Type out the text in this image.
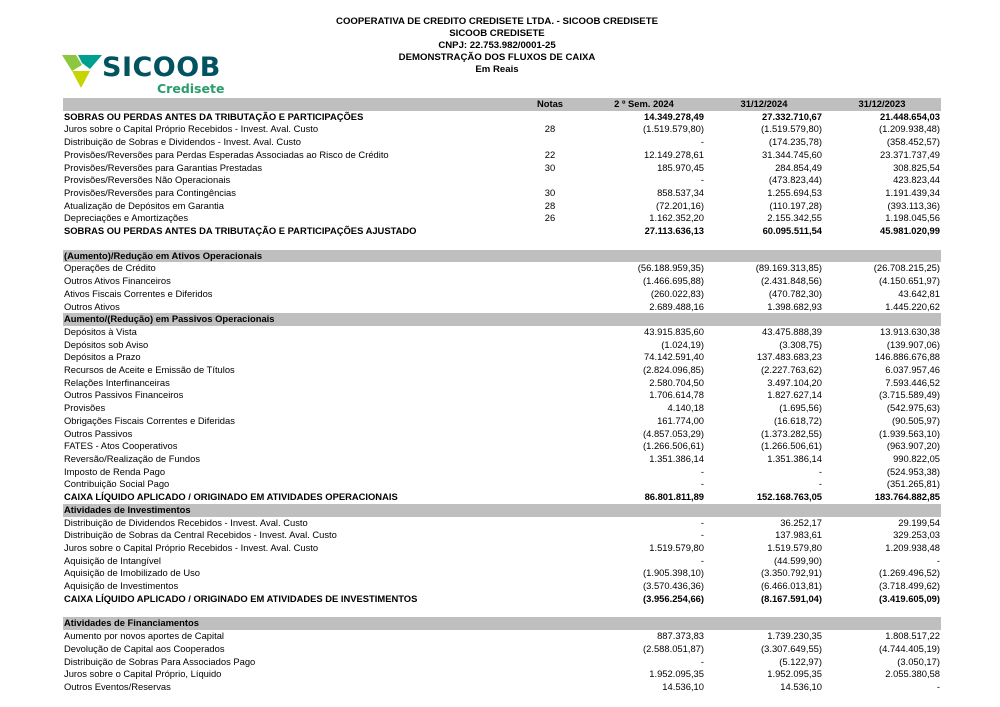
COOPERATIVA DE CREDITO CREDISETE LTDA. - SICOOB CREDISETE
SICOOB CREDISETE
CNPJ: 22.753.982/0001-25
DEMONSTRAÇÃO DOS FLUXOS DE CAIXA
Em Reais
SICOOB
Credisete
	Notas	2 º Sem. 2024	31/12/2024	31/12/2023
SOBRAS OU PERDAS ANTES DA TRIBUTAÇÃO E PARTICIPAÇÕES		14.349.278,49	27.332.710,67	21.448.654,03
Juros sobre o Capital Próprio Recebidos - Invest. Aval. Custo	28	(1.519.579,80)	(1.519.579,80)	(1.209.938,48)
Distribuição de Sobras e Dividendos - Invest. Aval. Custo		-	(174.235,78)	(358.452,57)
Provisões/Reversões para Perdas Esperadas Associadas ao Risco de Crédito	22	12.149.278,61	31.344.745,60	23.371.737,49
Provisões/Reversões para Garantias Prestadas	30	185.970,45	284.854,49	308.825,54
Provisões/Reversões Não Operacionais		-	(473.823,44)	423.823,44
Provisões/Reversões para Contingências	30	858.537,34	1.255.694,53	1.191.439,34
Atualização de Depósitos em Garantia	28	(72.201,16)	(110.197,28)	(393.113,36)
Depreciações e Amortizações	26	1.162.352,20	2.155.342,55	1.198.045,56
SOBRAS OU PERDAS ANTES DA TRIBUTAÇÃO E PARTICIPAÇÕES AJUSTADO		27.113.636,13	60.095.511,54	45.981.020,99

(Aumento)/Redução em Ativos Operacionais				
Operações de Crédito		(56.188.959,35)	(89.169.313,85)	(26.708.215,25)
Outros Ativos Financeiros		(1.466.695,88)	(2.431.848,56)	(4.150.651,97)
Ativos Fiscais Correntes e Diferidos		(260.022,83)	(470.782,30)	43.642,81
Outros Ativos		2.689.488,16	1.398.682,93	1.445.220,62
Aumento/(Redução) em Passivos Operacionais				
Depósitos à Vista		43.915.835,60	43.475.888,39	13.913.630,38
Depósitos sob Aviso		(1.024,19)	(3.308,75)	(139.907,06)
Depósitos a Prazo		74.142.591,40	137.483.683,23	146.886.676,88
Recursos de Aceite e Emissão de Títulos		(2.824.096,85)	(2.227.763,62)	6.037.957,46
Relações Interfinanceiras		2.580.704,50	3.497.104,20	7.593.446,52
Outros Passivos Financeiros		1.706.614,78	1.827.627,14	(3.715.589,49)
Provisões		4.140,18	(1.695,56)	(542.975,63)
Obrigações Fiscais Correntes e Diferidas		161.774,00	(16.618,72)	(90.505,97)
Outros Passivos		(4.857.053,29)	(1.373.282,55)	(1.939.563,10)
FATES - Atos Cooperativos		(1.266.506,61)	(1.266.506,61)	(963.907,20)
Reversão/Realização de Fundos		1.351.386,14	1.351.386,14	990.822,05
Imposto de Renda Pago		-	-	(524.953,38)
Contribuição Social Pago		-	-	(351.265,81)
CAIXA LÍQUIDO APLICADO / ORIGINADO EM ATIVIDADES OPERACIONAIS		86.801.811,89	152.168.763,05	183.764.882,85
Atividades de Investimentos				
Distribuição de Dividendos Recebidos - Invest. Aval. Custo		-	36.252,17	29.199,54
Distribuição de Sobras da Central Recebidos - Invest. Aval. Custo		-	137.983,61	329.253,03
Juros sobre o Capital Próprio Recebidos - Invest. Aval. Custo		1.519.579,80	1.519.579,80	1.209.938,48
Aquisição de Intangível		-	(44.599,90)	-
Aquisição de Imobilizado de Uso		(1.905.398,10)	(3.350.792,91)	(1.269.496,52)
Aquisição de Investimentos		(3.570.436,36)	(6.466.013,81)	(3.718.499,62)
CAIXA LÍQUIDO APLICADO / ORIGINADO EM ATIVIDADES DE INVESTIMENTOS		(3.956.254,66)	(8.167.591,04)	(3.419.605,09)

Atividades de Financiamentos				
Aumento por novos aportes de Capital		887.373,83	1.739.230,35	1.808.517,22
Devolução de Capital aos Cooperados		(2.588.051,87)	(3.307.649,55)	(4.744.405,19)
Distribuição de Sobras Para Associados Pago		-	(5.122,97)	(3.050,17)
Juros sobre o Capital Próprio, Líquido		1.952.095,35	1.952.095,35	2.055.380,58
Outros Eventos/Reservas		14.536,10	14.536,10	-
